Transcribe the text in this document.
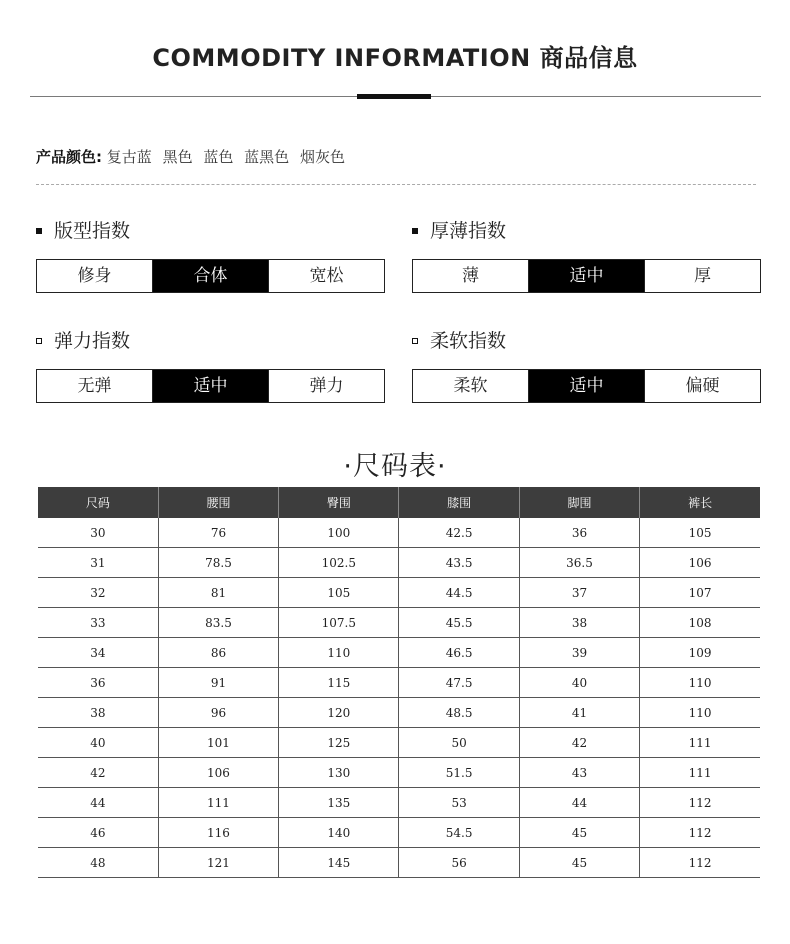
COMMODITY INFORMATION 商品信息
产品颜色: 复古蓝 黑色 蓝色 蓝黑色 烟灰色
版型指数
修身	合体	宽松
厚薄指数
薄	适中	厚
弹力指数
无弹	适中	弹力
柔软指数
柔软	适中	偏硬
·尺码表·
尺码	腰围	臀围	膝围	脚围	裤长
30	76	100	42.5	36	105
31	78.5	102.5	43.5	36.5	106
32	81	105	44.5	37	107
33	83.5	107.5	45.5	38	108
34	86	110	46.5	39	109
36	91	115	47.5	40	110
38	96	120	48.5	41	110
40	101	125	50	42	111
42	106	130	51.5	43	111
44	111	135	53	44	112
46	116	140	54.5	45	112
48	121	145	56	45	112
